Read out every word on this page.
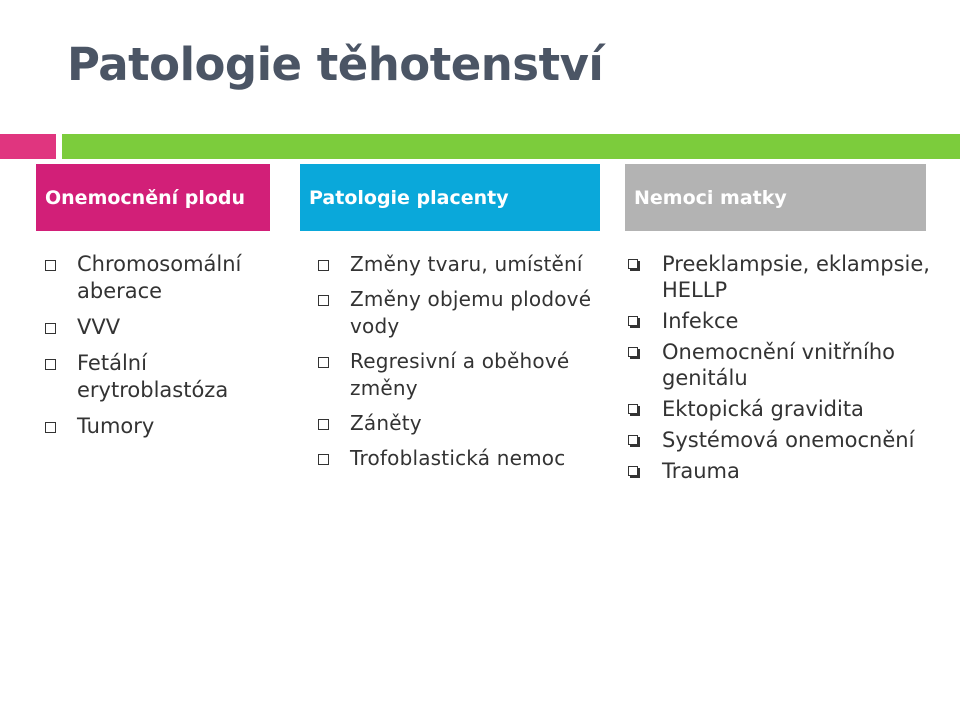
Patologie těhotenství
Onemocnění plodu	Patologie placenty	Nemoci matky
Chromosomální aberace
VVV
Fetální erytroblastóza
Tumory
Změny tvaru, umístění
Změny objemu plodové vody
Regresivní a oběhové změny
Záněty
Trofoblastická nemoc
Preeklampsie, eklampsie, HELLP
Infekce
Onemocnění vnitřního genitálu
Ektopická gravidita
Systémová onemocnění
Trauma
